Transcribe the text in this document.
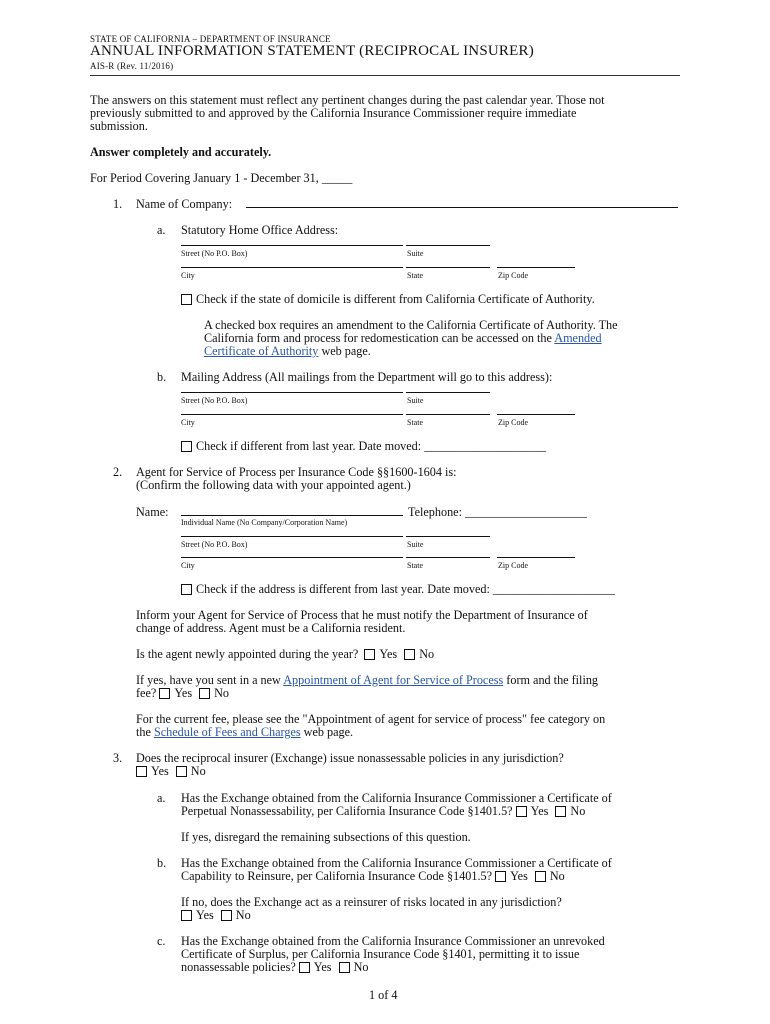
STATE OF CALIFORNIA – DEPARTMENT OF INSURANCE
ANNUAL INFORMATION STATEMENT (RECIPROCAL INSURER)
AIS-R (Rev. 11/2016)
The answers on this statement must reflect any pertinent changes during the past calendar year. Those not
previously submitted to and approved by the California Insurance Commissioner require immediate
submission.
Answer completely and accurately.
For Period Covering January 1 - December 31, _____
1. Name of Company:
a. Statutory Home Office Address:
Street (No P.O. Box)	Suite
City	State	Zip Code
Check if the state of domicile is different from California Certificate of Authority.
A checked box requires an amendment to the California Certificate of Authority. The
California form and process for redomestication can be accessed on the Amended
Certificate of Authority web page.
b. Mailing Address (All mailings from the Department will go to this address):
Street (No P.O. Box)	Suite
City	State	Zip Code
Check if different from last year. Date moved: ____________________
2. Agent for Service of Process per Insurance Code §§1600-1604 is:
(Confirm the following data with your appointed agent.)
Name:	Telephone: ____________________
Individual Name (No Company/Corporation Name)
Street (No P.O. Box)	Suite
City	State	Zip Code
Check if the address is different from last year. Date moved: ____________________
Inform your Agent for Service of Process that he must notify the Department of Insurance of
change of address. Agent must be a California resident.
Is the agent newly appointed during the year? Yes No
If yes, have you sent in a new Appointment of Agent for Service of Process form and the filing
fee? Yes No
For the current fee, please see the "Appointment of agent for service of process" fee category on
the Schedule of Fees and Charges web page.
3. Does the reciprocal insurer (Exchange) issue nonassessable policies in any jurisdiction?
Yes No
a. Has the Exchange obtained from the California Insurance Commissioner a Certificate of
Perpetual Nonassessability, per California Insurance Code §1401.5? Yes No
If yes, disregard the remaining subsections of this question.
b. Has the Exchange obtained from the California Insurance Commissioner a Certificate of
Capability to Reinsure, per California Insurance Code §1401.5? Yes No
If no, does the Exchange act as a reinsurer of risks located in any jurisdiction?
Yes No
c. Has the Exchange obtained from the California Insurance Commissioner an unrevoked
Certificate of Surplus, per California Insurance Code §1401, permitting it to issue
nonassessable policies? Yes No
1 of 4
